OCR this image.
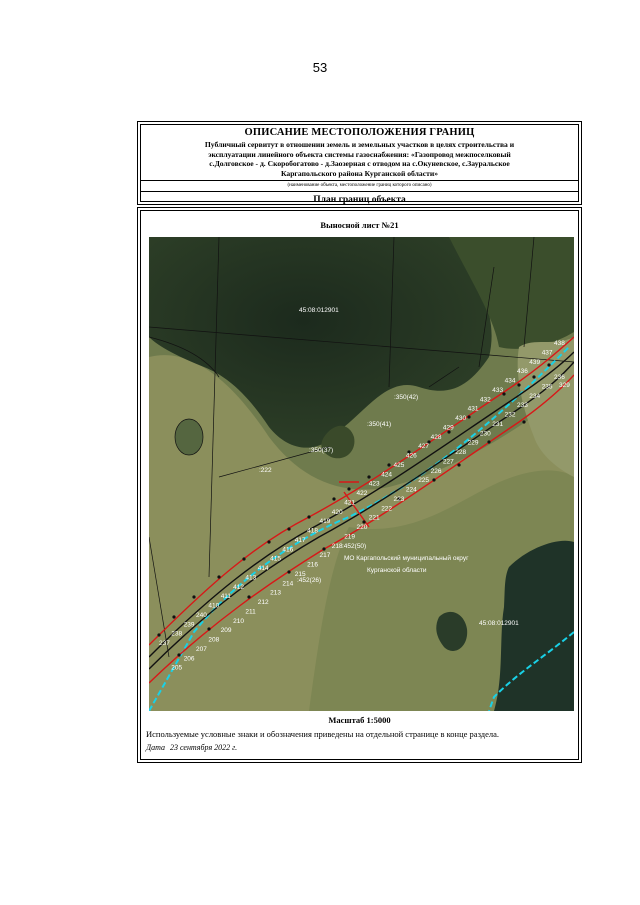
53
ОПИСАНИЕ МЕСТОПОЛОЖЕНИЯ ГРАНИЦ
Публичный сервитут в отношении земель и земельных участков в целях строительства и
эксплуатации линейного объекта системы газоснабжения: «Газопровод межпоселковый
с.Долговское - д. Скоробогатово - д.Заозерная с отводом на с.Окуневское, с.Зауральское
Каргапольского района Курганской области»
(наименование объекта, местоположение границ которого описано)
План границ объекта
Выносной лист №21
45:08:012901
45:08:012901
:222
:350(42)
:350(41)
:350(37)
:452(50)
:452(26)
329
МО Каргапольский муниципальный округ
Курганской области
438
437
439
436
434
433
432
431
430
429
428
427
426
425
424
423
422
421
420
419
418
417
416
415
414
413
412
411
410
240
239
238
237
236
235
234
233
232
231
230
229
228
227
226
225
224
223
222
221
220
219
218
217
216
215
214
213
212
211
210
209
208
207
206
205
Масштаб 1:5000
Используемые условные знаки и обозначения приведены на отдельной странице в конце раздела.
Дата 23 сентября 2022 г.
